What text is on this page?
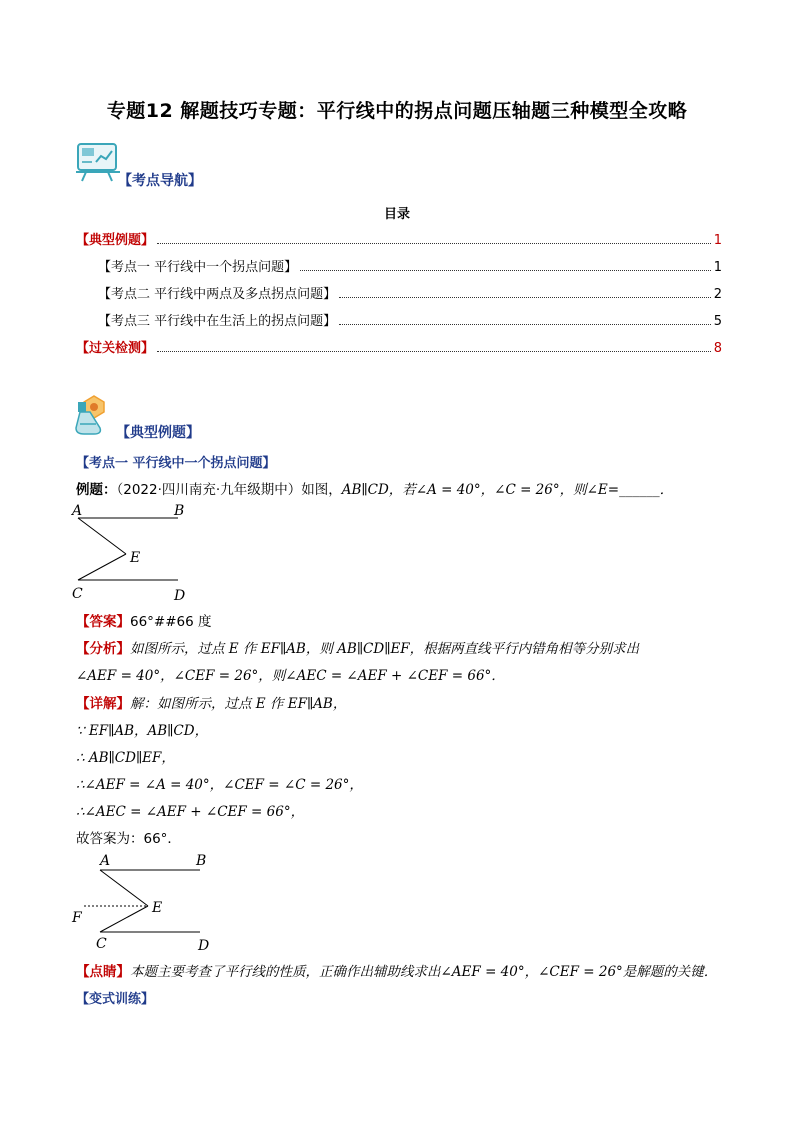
专题12 解题技巧专题：平行线中的拐点问题压轴题三种模型全攻略
【考点导航】
目录
【典型例题】	1
【考点一 平行线中一个拐点问题】	1
【考点二 平行线中两点及多点拐点问题】	2
【考点三 平行线中在生活上的拐点问题】	5
【过关检测】	8
【典型例题】
【考点一 平行线中一个拐点问题】
例题：（2022·四川南充·九年级期中）如图，AB∥CD，若∠A = 40°，∠C = 26°，则∠E=______．
A	B
E
C	D
【答案】66°##66 度
【分析】如图所示，过点 E 作 EF∥AB，则 AB∥CD∥EF，根据两直线平行内错角相等分别求出
∠AEF = 40°，∠CEF = 26°，则∠AEC = ∠AEF + ∠CEF = 66°．
【详解】解：如图所示，过点 E 作 EF∥AB，
∵ EF∥AB，AB∥CD，
∴ AB∥CD∥EF，
∴∠AEF = ∠A = 40°，∠CEF = ∠C = 26°，
∴∠AEC = ∠AEF + ∠CEF = 66°，
故答案为：66°．
A	B
E
F
C	D
【点睛】本题主要考查了平行线的性质，正确作出辅助线求出∠AEF = 40°，∠CEF = 26°是解题的关键．
【变式训练】
